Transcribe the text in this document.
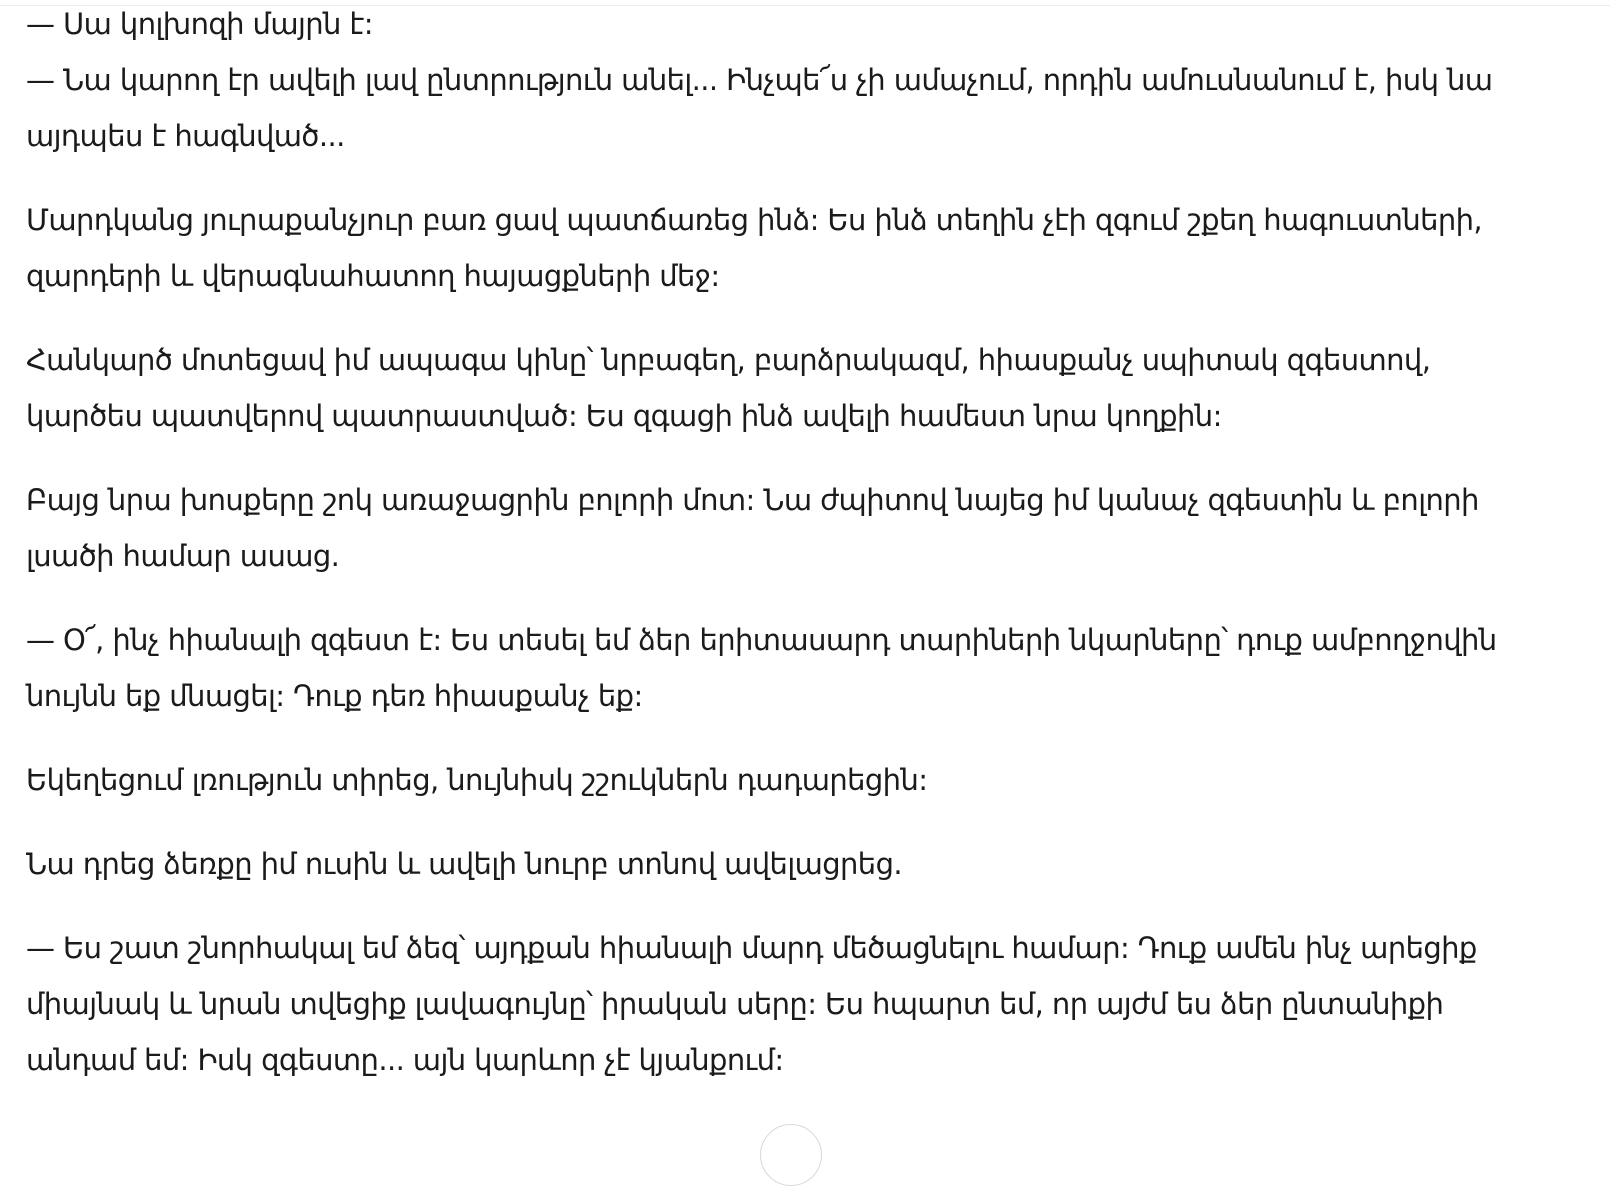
— Սա կոլխոզի մայրն է:

— Նա կարող էր ավելի լավ ընտրություն անել... Ինչպե՜ս չի ամաչում, որդին ամուսնանում է, իսկ նա

այդպես է հագնված...

Մարդկանց յուրաքանչյուր բառ ցավ պատճառեց ինձ: Ես ինձ տեղին չէի զգում շքեղ հագուստների,

զարդերի և վերագնահատող հայացքների մեջ:

Հանկարծ մոտեցավ իմ ապագա կինը՝ նրբագեղ, բարձրակազմ, հիասքանչ սպիտակ զգեստով,

կարծես պատվերով պատրաստված: Ես զգացի ինձ ավելի համեստ նրա կողքին:

Բայց նրա խոսքերը շոկ առաջացրին բոլորի մոտ: Նա ժպիտով նայեց իմ կանաչ զգեստին և բոլորի

լսածի համար ասաց.

— Օ՜, ինչ հիանալի զգեստ է: Ես տեսել եմ ձեր երիտասարդ տարիների նկարները՝ դուք ամբողջովին

նույնն եք մնացել: Դուք դեռ հիասքանչ եք:

Եկեղեցում լռություն տիրեց, նույնիսկ շշուկներն դադարեցին:

Նա դրեց ձեռքը իմ ուսին և ավելի նուրբ տոնով ավելացրեց.

— Ես շատ շնորհակալ եմ ձեզ՝ այդքան հիանալի մարդ մեծացնելու համար: Դուք ամեն ինչ արեցիք

միայնակ և նրան տվեցիք լավագույնը՝ իրական սերը: Ես հպարտ եմ, որ այժմ ես ձեր ընտանիքի

անդամ եմ: Իսկ զգեստը... այն կարևոր չէ կյանքում:
